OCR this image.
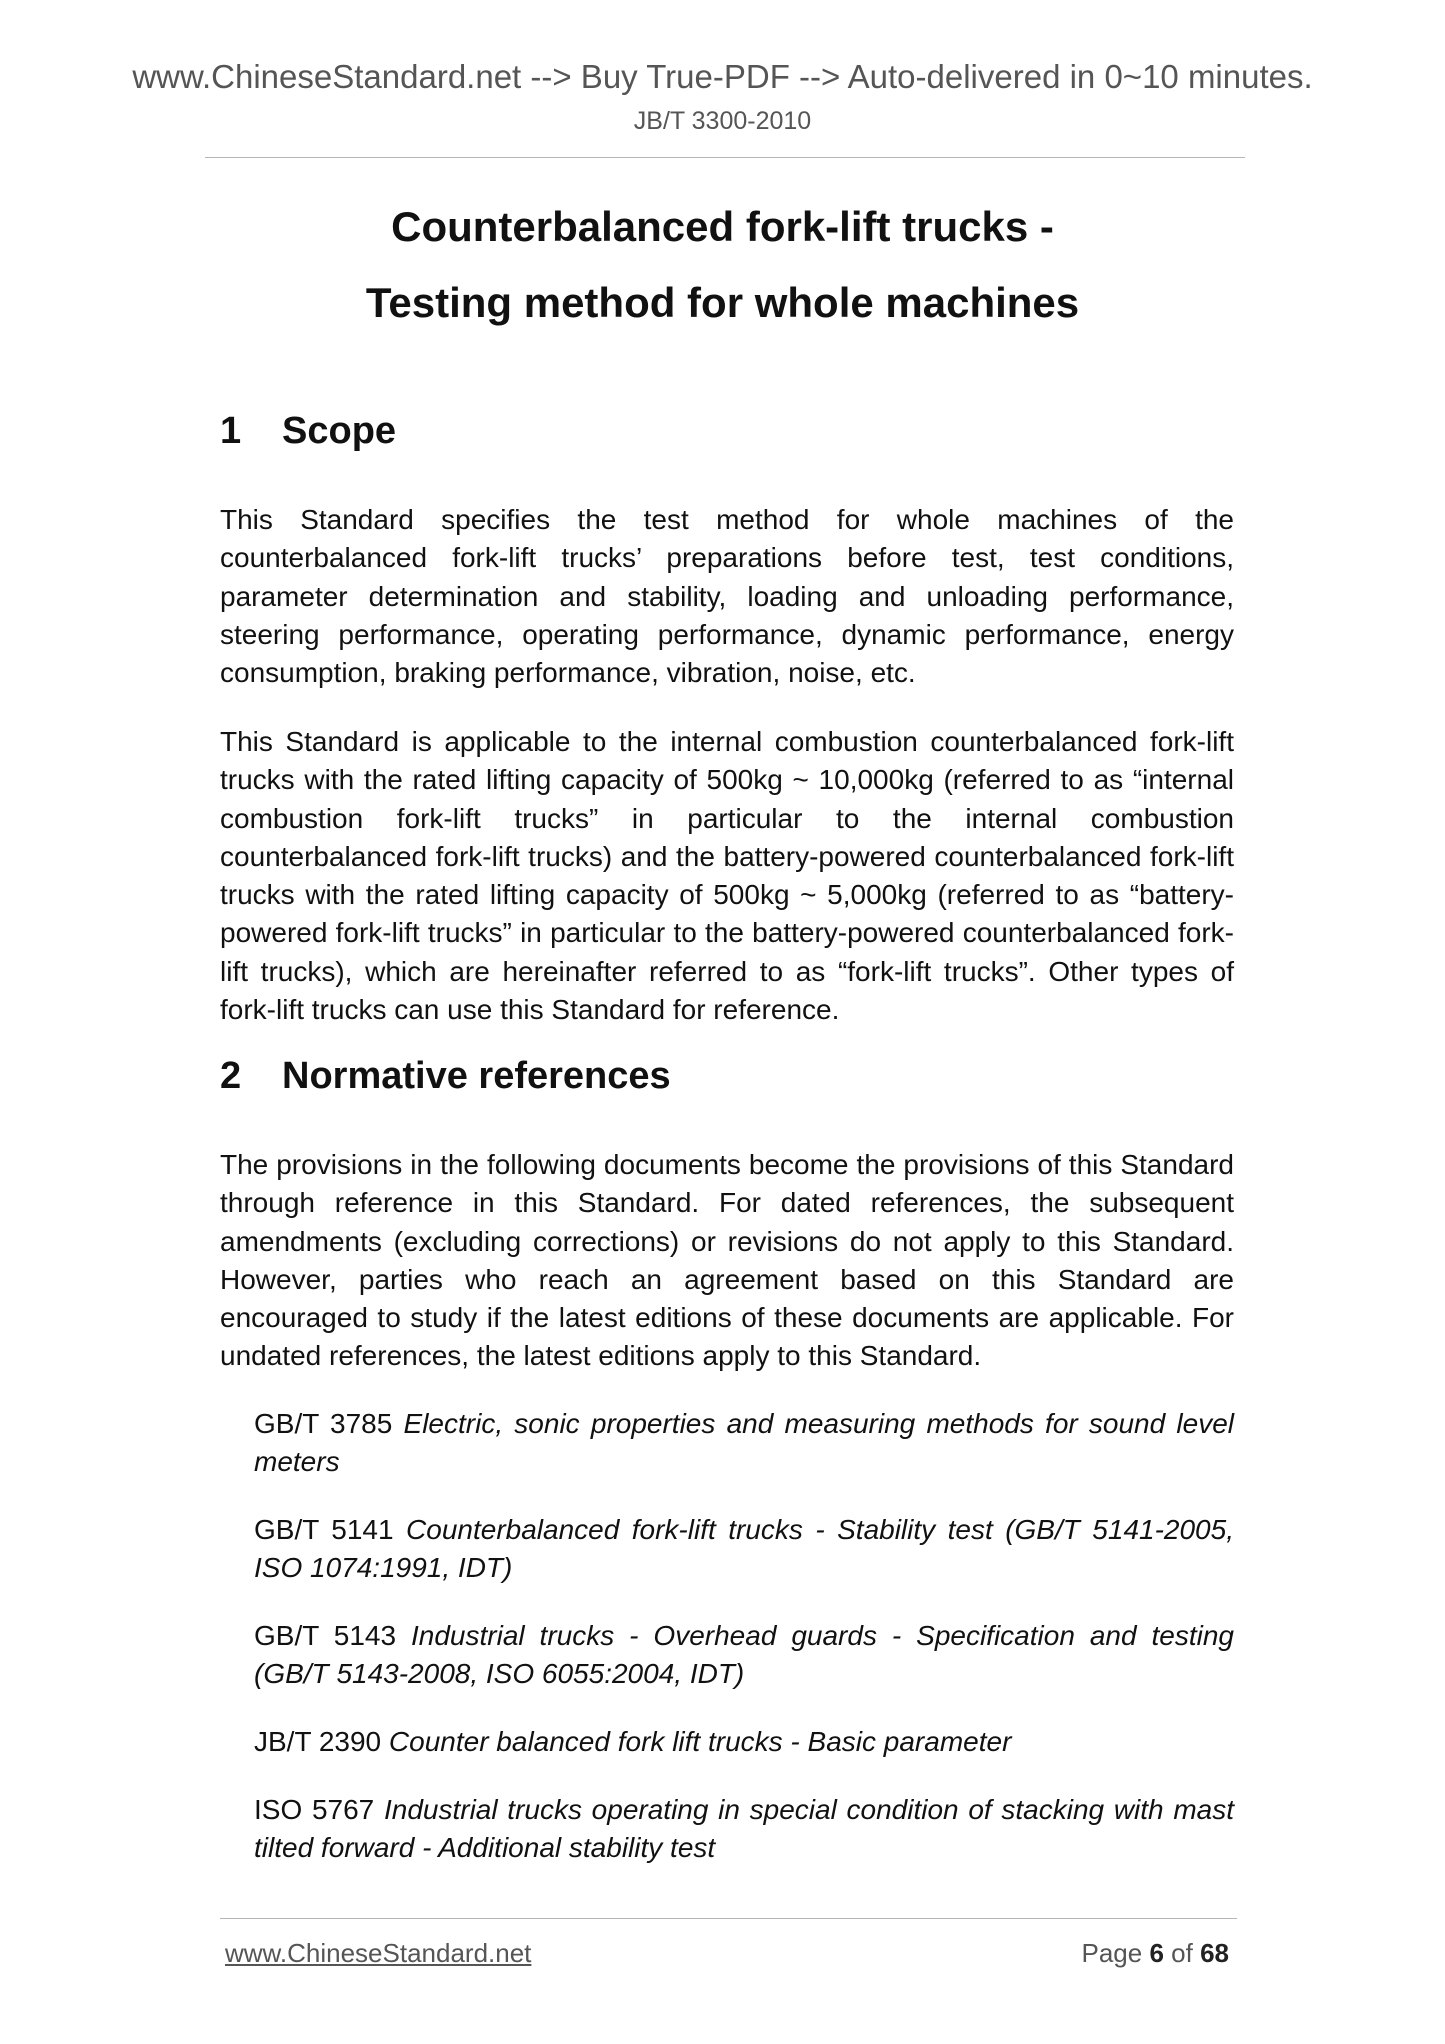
www.ChineseStandard.net --> Buy True-PDF --> Auto-delivered in 0~10 minutes.
JB/T 3300-2010
Counterbalanced fork-lift trucks -
Testing method for whole machines
1 Scope
This Standard specifies the test method for whole machines of the counterbalanced fork-lift trucks’ preparations before test, test conditions, parameter determination and stability, loading and unloading performance, steering performance, operating performance, dynamic performance, energy consumption, braking performance, vibration, noise, etc.
This Standard is applicable to the internal combustion counterbalanced fork-lift trucks with the rated lifting capacity of 500kg ~ 10,000kg (referred to as “internal combustion fork-lift trucks” in particular to the internal combustion counterbalanced fork-lift trucks) and the battery-powered counterbalanced fork-lift trucks with the rated lifting capacity of 500kg ~ 5,000kg (referred to as “battery-powered fork-lift trucks” in particular to the battery-powered counterbalanced fork-lift trucks), which are hereinafter referred to as “fork-lift trucks”. Other types of fork-lift trucks can use this Standard for reference.
2 Normative references
The provisions in the following documents become the provisions of this Standard through reference in this Standard. For dated references, the subsequent amendments (excluding corrections) or revisions do not apply to this Standard. However, parties who reach an agreement based on this Standard are encouraged to study if the latest editions of these documents are applicable. For undated references, the latest editions apply to this Standard.
GB/T 3785 Electric, sonic properties and measuring methods for sound level meters
GB/T 5141 Counterbalanced fork-lift trucks - Stability test (GB/T 5141-2005, ISO 1074:1991, IDT)
GB/T 5143 Industrial trucks - Overhead guards - Specification and testing (GB/T 5143-2008, ISO 6055:2004, IDT)
JB/T 2390 Counter balanced fork lift trucks - Basic parameter
ISO 5767 Industrial trucks operating in special condition of stacking with mast tilted forward - Additional stability test
www.ChineseStandard.net	Page 6 of 68
